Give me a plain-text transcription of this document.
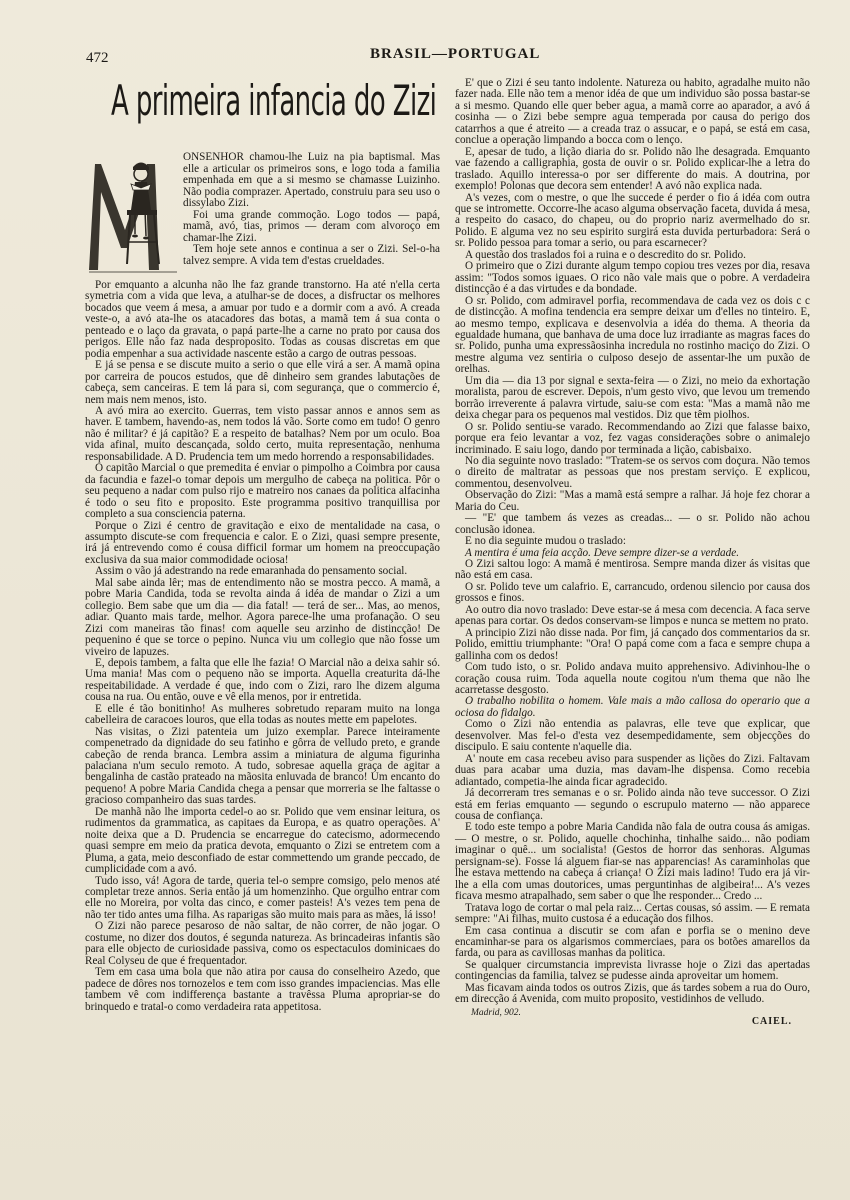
472	BRASIL—PORTUGAL
A primeira infancia do Zizi

ONSENHOR chamou-lhe Luiz na pia baptismal. Mas elle a articular os primeiros sons, e logo toda a familia empenhada em que a si mesmo se chamasse Luizinho. Não podia comprazer. Apertado, construiu para seu uso o dissylabo Zizi.

Foi uma grande commoção. Logo todos — papá, mamã, avó, tias, primos — deram com alvoroço em chamar-lhe Zizi.

Tem hoje sete annos e continua a ser o Zizi. Sel-o-ha talvez sempre. A vida tem d'estas crueldades.

Por emquanto a alcunha não lhe faz grande transtorno. Ha até n'ella certa symetria com a vida que leva, a atulhar-se de doces, a disfructar os melhores bocados que veem á mesa, a amuar por tudo e a dormir com a avó. A creada veste-o, a avó ata-lhe os atacadores das botas, a mamã tem á sua conta o penteado e o laço da gravata, o papá parte-lhe a carne no prato por causa dos perigos. Elle não faz nada desproposito. Todas as cousas discretas em que podia empenhar a sua actividade nascente estão a cargo de outras pessoas.

E já se pensa e se discute muito a serio o que elle virá a ser. A mamã opina por carreira de poucos estudos, que dê dinheiro sem grandes labutações de cabeça, sem canceiras. E tem lá para si, com segurança, que o commercio é, nem mais nem menos, isto.

A avó mira ao exercito. Guerras, tem visto passar annos e annos sem as haver. E tambem, havendo-as, nem todos lá vão. Sorte como em tudo! O genro não é militar? é já capitão? E a respeito de batalhas? Nem por um oculo. Boa vida afinal, muito descançada, soldo certo, muita representação, nenhuma responsabilidade. A D. Prudencia tem um medo horrendo a responsabilidades.

O capitão Marcial o que premedita é enviar o pimpolho a Coimbra por causa da facundia e fazel-o tomar depois um mergulho de cabeça na politica. Pôr o seu pequeno a nadar com pulso rijo e matreiro nos canaes da politica alfacinha é todo o seu fito e proposito. Este programma positivo tranquillisa por completo a sua consciencia paterna.

Porque o Zizi é centro de gravitação e eixo de mentalidade na casa, o assumpto discute-se com frequencia e calor. E o Zizi, quasi sempre presente, irá já entrevendo como é cousa difficil formar um homem na preoccupação exclusiva da sua maior commodidade ociosa!

Assim o vão já adestrando na rede emaranhada do pensamento social.

Mal sabe ainda lêr; mas de entendimento não se mostra pecco. A mamã, a pobre Maria Candida, toda se revolta ainda á idéa de mandar o Zizi a um collegio. Bem sabe que um dia — dia fatal! — terá de ser... Mas, ao menos, adiar. Quanto mais tarde, melhor. Agora parece-lhe uma profanação. O seu Zizi com maneiras tão finas! com aquelle seu arzinho de distincção! De pequenino é que se torce o pepino. Nunca viu um collegio que não fosse um viveiro de lapuzes.

E, depois tambem, a falta que elle lhe fazia! O Marcial não a deixa sahir só. Uma mania! Mas com o pequeno não se importa. Aquella creaturita dá-lhe respeitabilidade. A verdade é que, indo com o Zizi, raro lhe dizem alguma cousa na rua. Ou então, ouve e vê ella menos, por ir entretida.

E elle é tão bonitinho! As mulheres sobretudo reparam muito na longa cabelleira de caracoes louros, que ella todas as noutes mette em papelotes.

Nas visitas, o Zizi patenteia um juizo exemplar. Parece inteiramente compenetrado da dignidade do seu fatinho e gôrra de velludo preto, e grande cabeção de renda branca. Lembra assim a miniatura de alguma figurinha palaciana n'um seculo remoto. A tudo, sobresae aquella graça de agitar a bengalinha de castão prateado na mãosita enluvada de branco! Um encanto do pequeno! A pobre Maria Candida chega a pensar que morreria se lhe faltasse o gracioso companheiro das suas tardes.

De manhã não lhe importa cedel-o ao sr. Polido que vem ensinar leitura, os rudimentos da grammatica, as capitaes da Europa, e as quatro operações. A' noite deixa que a D. Prudencia se encarregue do catecismo, adormecendo quasi sempre em meio da pratica devota, emquanto o Zizi se entretem com a Pluma, a gata, meio desconfiado de estar commettendo um grande peccado, de cumplicidade com a avó.

Tudo isso, vá! Agora de tarde, queria tel-o sempre comsigo, pelo menos até completar treze annos. Seria então já um homenzinho. Que orgulho entrar com elle no Moreira, por volta das cinco, e comer pasteis! A's vezes tem pena de não ter tido antes uma filha. As raparigas são muito mais para as mães, lá isso!

O Zizi não parece pesaroso de não saltar, de não correr, de não jogar. O costume, no dizer dos doutos, é segunda natureza. As brincadeiras infantis são para elle objecto de curiosidade passiva, como os espectaculos dominicaes do Real Colyseu de que é frequentador.

Tem em casa uma bola que não atira por causa do conselheiro Azedo, que padece de dôres nos tornozelos e tem com isso grandes impaciencias. Mas elle tambem vê com indifferença bastante a travêssa Pluma apropriar-se do brinquedo e tratal-o como verdadeira rata appetitosa.

E' que o Zizi é seu tanto indolente. Natureza ou habito, agradalhe muito não fazer nada. Elle não tem a menor idéa de que um individuo são possa bastar-se a si mesmo. Quando elle quer beber agua, a mamã corre ao aparador, a avó á cosinha — o Zizi bebe sempre agua temperada por causa do perigo dos catarrhos a que é atreito — a creada traz o assucar, e o papá, se está em casa, conclue a operação limpando a bocca com o lenço.

E, apesar de tudo, a lição diaria do sr. Polido não lhe desagrada. Emquanto vae fazendo a calligraphia, gosta de ouvir o sr. Polido explicar-lhe a letra do traslado. Aquillo interessa-o por ser differente do mais. A doutrina, por exemplo! Polonas que decora sem entender! A avó não explica nada.

A's vezes, com o mestre, o que lhe succede é perder o fio á idéa com outra que se intromette. Occorre-lhe acaso alguma observação faceta, duvida á mesa, a respeito do casaco, do chapeu, ou do proprio nariz avermelhado do sr. Polido. E alguma vez no seu espirito surgirá esta duvida perturbadora: Será o sr. Polido pessoa para tomar a serio, ou para escarnecer?

A questão dos traslados foi a ruina e o descredito do sr. Polido.

O primeiro que o Zizi durante algum tempo copiou tres vezes por dia, resava assim: "Todos somos iguaes. O rico não vale mais que o pobre. A verdadeira distincção é a das virtudes e da bondade.

O sr. Polido, com admiravel porfia, recommendava de cada vez os dois c c de distincção. A mofina tendencia era sempre deixar um d'elles no tinteiro. E, ao mesmo tempo, explicava e desenvolvia a idéa do thema. A theoria da egualdade humana, que banhava de uma doce luz irradiante as magras faces do sr. Polido, punha uma expressãosinha incredula no rostinho maciço do Zizi. O mestre alguma vez sentiria o culposo desejo de assentar-lhe um puxão de orelhas.

Um dia — dia 13 por signal e sexta-feira — o Zizi, no meio da exhortação moralista, parou de escrever. Depois, n'um gesto vivo, que levou um tremendo borrão irreverente á palavra virtude, saiu-se com esta: "Mas a mamã não me deixa chegar para os pequenos mal vestidos. Diz que têm piolhos.

O sr. Polido sentiu-se varado. Recommendando ao Zizi que falasse baixo, porque era feio levantar a voz, fez vagas considerações sobre o animalejo incriminado. E saiu logo, dando por terminada a lição, cabisbaixo.

No dia seguinte novo traslado: "Tratem-se os servos com doçura. Não temos o direito de maltratar as pessoas que nos prestam serviço. E explicou, commentou, desenvolveu.

Observação do Zizi: "Mas a mamã está sempre a ralhar. Já hoje fez chorar a Maria do Ceu.

— "E' que tambem ás vezes as creadas... — o sr. Polido não achou conclusão idonea.

E no dia seguinte mudou o traslado:

A mentira é uma feia acção. Deve sempre dizer-se a verdade.

O Zizi saltou logo: A mamã é mentirosa. Sempre manda dizer ás visitas que não está em casa.

O sr. Polido teve um calafrio. E, carrancudo, ordenou silencio por causa dos grossos e finos.

Ao outro dia novo traslado: Deve estar-se á mesa com decencia. A faca serve apenas para cortar. Os dedos conservam-se limpos e nunca se mettem no prato.

A principio Zizi não disse nada. Por fim, já cançado dos commentarios da sr. Polido, emittiu triumphante: "Ora! O papá come com a faca e sempre chupa a gallinha com os dedos!

Com tudo isto, o sr. Polido andava muito apprehensivo. Adivinhou-lhe o coração cousa ruim. Toda aquella noute cogitou n'um thema que não lhe acarretasse desgosto.

O trabalho nobilita o homem. Vale mais a mão callosa do operario que a ociosa do fidalgo.

Como o Zizi não entendia as palavras, elle teve que explicar, que desenvolver. Mas fel-o d'esta vez desempedidamente, sem objecções do discipulo. E saiu contente n'aquelle dia.

A' noute em casa recebeu aviso para suspender as lições do Zizi. Faltavam duas para acabar uma duzia, mas davam-lhe dispensa. Como recebia adiantado, competia-lhe ainda ficar agradecido.

Já decorreram tres semanas e o sr. Polido ainda não teve successor. O Zizi está em ferias emquanto — segundo o escrupulo materno — não apparece cousa de confiança.

E todo este tempo a pobre Maria Candida não fala de outra cousa ás amigas. — O mestre, o sr. Polido, aquelle chochinha, tinhalhe saido... não podiam imaginar o quê... um socialista! (Gestos de horror das senhoras. Algumas persignam-se). Fosse lá alguem fiar-se nas apparencias! As caraminholas que lhe estava mettendo na cabeça á criança! O Zizi mais ladino! Tudo era já vir-lhe a ella com umas doutorices, umas perguntinhas de algibeira!... A's vezes ficava mesmo atrapalhado, sem saber o que lhe responder... Credo ...

Tratava logo de cortar o mal pela raiz... Certas cousas, só assim. — E remata sempre: "Ai filhas, muito custosa é a educação dos filhos.

Em casa continua a discutir se com afan e porfia se o menino deve encaminhar-se para os algarismos commerciaes, para os botões amarellos da farda, ou para as cavillosas manhas da politica.

Se qualquer circumstancia imprevista livrasse hoje o Zizi das apertadas contingencias da familia, talvez se pudesse ainda aproveitar um homem.

Mas ficavam ainda todos os outros Zizis, que ás tardes sobem a rua do Ouro, em direcção á Avenida, com muito proposito, vestidinhos de velludo.

Madrid, 902.
CAIEL.
